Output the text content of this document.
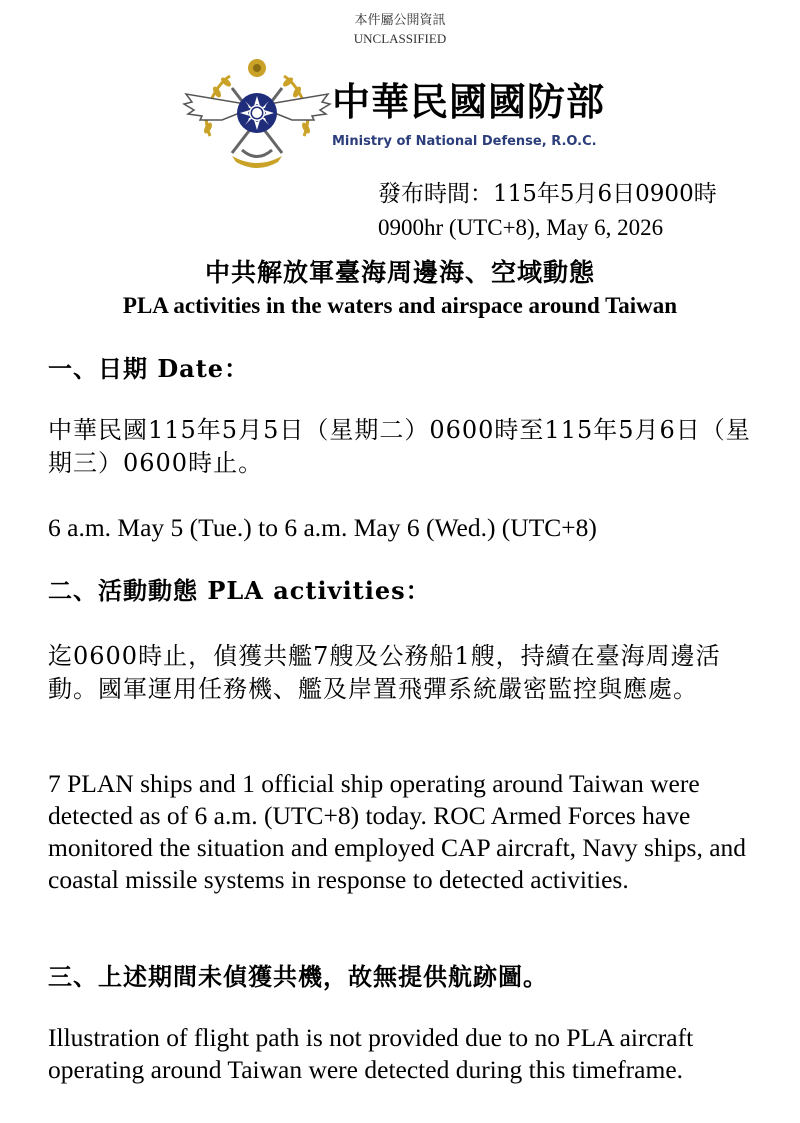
本件屬公開資訊
UNCLASSIFIED
中華民國國防部
Ministry of National Defense, R.O.C.
發布時間：115年5月6日0900時
0900hr (UTC+8), May 6, 2026
中共解放軍臺海周邊海、空域動態
PLA activities in the waters and airspace around Taiwan
一、日期 Date：
中華民國115年5月5日（星期二）0600時至115年5月6日（星期三）0600時止。
6 a.m. May 5 (Tue.) to 6 a.m. May 6 (Wed.) (UTC+8)
二、活動動態 PLA activities：
迄0600時止，偵獲共艦7艘及公務船1艘，持續在臺海周邊活動。國軍運用任務機、艦及岸置飛彈系統嚴密監控與應處。
7 PLAN ships and 1 official ship operating around Taiwan were detected as of 6 a.m. (UTC+8) today. ROC Armed Forces have monitored the situation and employed CAP aircraft, Navy ships, and coastal missile systems in response to detected activities.
三、上述期間未偵獲共機，故無提供航跡圖。
Illustration of flight path is not provided due to no PLA aircraft operating around Taiwan were detected during this timeframe.
